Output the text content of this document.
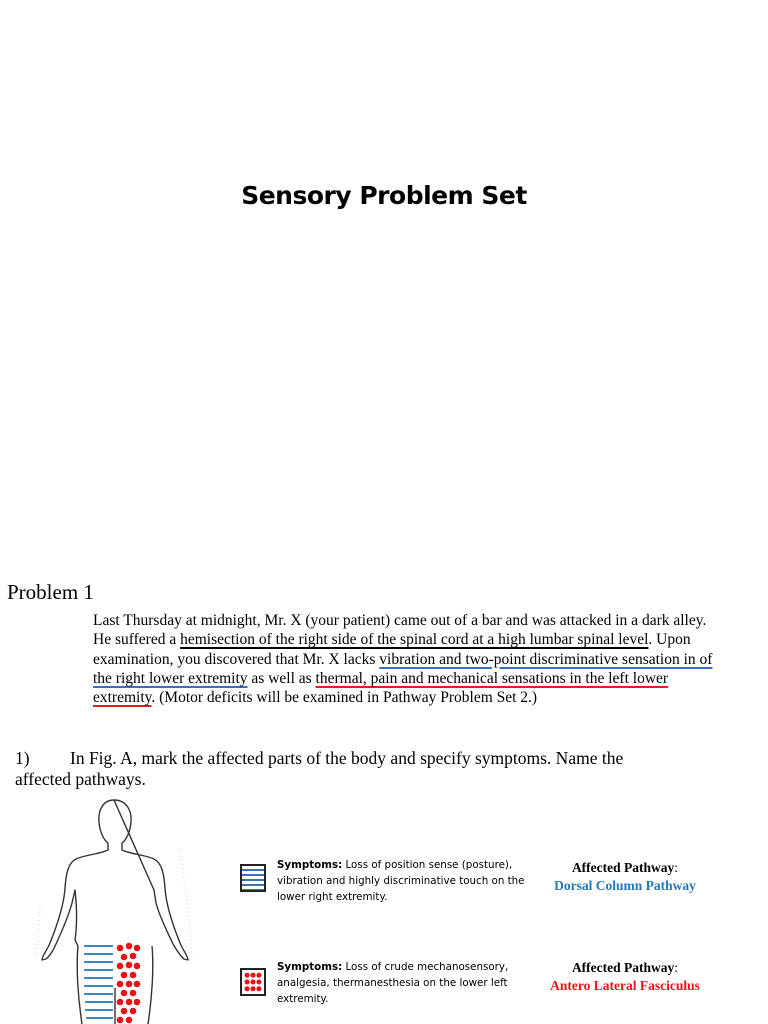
Sensory Problem Set
Problem 1
Last Thursday at midnight, Mr. X (your patient) came out of a bar and was attacked in a dark alley. He suffered a hemisection of the right side of the spinal cord at a high lumbar spinal level. Upon examination, you discovered that Mr. X lacks vibration and two-point discriminative sensation in of the right lower extremity as well as thermal, pain and mechanical sensations in the left lower extremity. (Motor deficits will be examined in Pathway Problem Set 2.)
1) In Fig. A, mark the affected parts of the body and specify symptoms. Name the
affected pathways.
Symptoms: Loss of position sense (posture), vibration and highly discriminative touch on the lower right extremity.
Affected Pathway:
Dorsal Column Pathway
Symptoms: Loss of crude mechanosensory, analgesia, thermanesthesia on the lower left extremity.
Affected Pathway:
Antero Lateral Fasciculus
